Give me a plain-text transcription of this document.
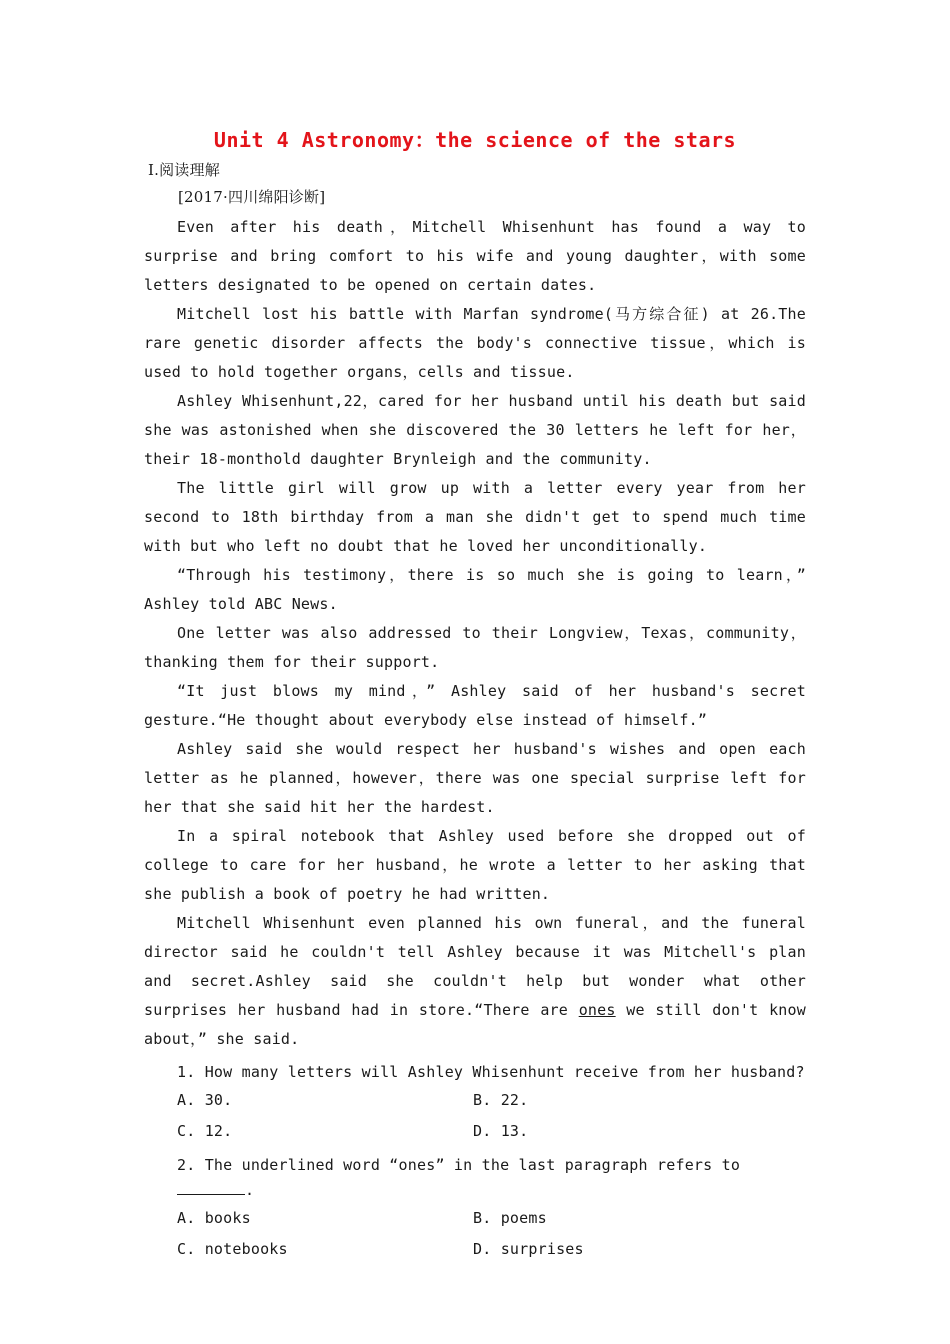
Unit 4 Astronomy：the science of the stars
Ⅰ.阅读理解
[2017·四川绵阳诊断]

Even after his death，Mitchell Whisenhunt has found a way to surprise and bring comfort to his wife and young daughter，with some letters designated to be opened on certain dates.

Mitchell lost his battle with Marfan syndrome(马方综合征) at 26.The rare genetic disorder affects the body's connective tissue，which is used to hold together organs，cells and tissue.

Ashley Whisenhunt,22，cared for her husband until his death but said she was astonished when she discovered the 30 letters he left for her，their 18-monthold daughter Brynleigh and the community.

The little girl will grow up with a letter every year from her second to 18th birthday from a man she didn't get to spend much time with but who left no doubt that he loved her unconditionally.

“Through his testimony，there is so much she is going to learn，” Ashley told ABC News.

One letter was also addressed to their Longview，Texas，community，thanking them for their support.

“It just blows my mind，” Ashley said of her husband's secret gesture.“He thought about everybody else instead of himself.”

Ashley said she would respect her husband's wishes and open each letter as he planned，however，there was one special surprise left for her that she said hit her the hardest.

In a spiral notebook that Ashley used before she dropped out of college to care for her husband，he wrote a letter to her asking that she publish a book of poetry he had written.

Mitchell Whisenhunt even planned his own funeral，and the funeral director said he couldn't tell Ashley because it was Mitchell's plan and secret.Ashley said she couldn't help but wonder what other surprises her husband had in store.“There are ones we still don't know about，” she said.

1. How many letters will Ashley Whisenhunt receive from her husband?
A. 30.	B. 22.
C. 12.	D. 13.
2. The underlined word “ones” in the last paragraph refers to .
A. books	B. poems
C. notebooks	D. surprises
